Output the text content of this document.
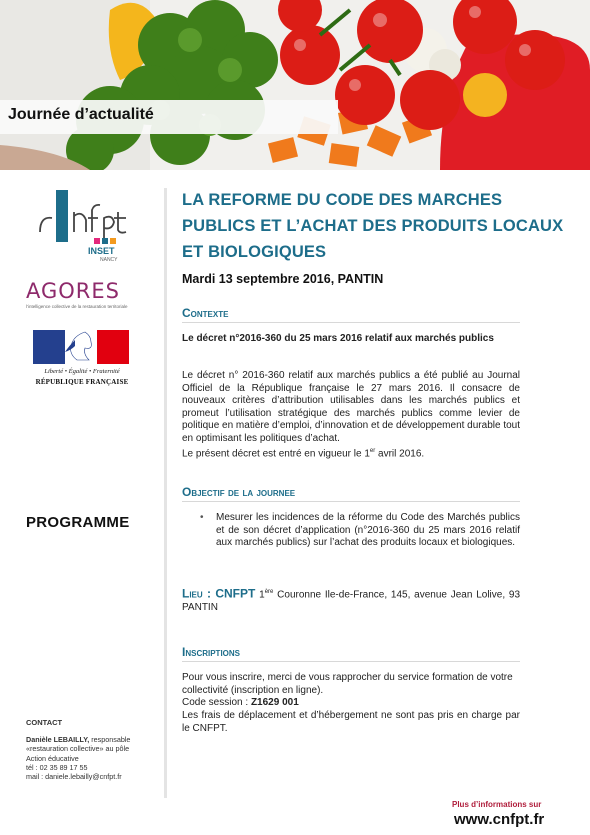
Journée d’actualité
le
INSET
NANCY
AGORES
l’intelligence collective de la restauration territoriale
Liberté • Égalité • Fraternité
RÉPUBLIQUE FRANÇAISE
PROGRAMME
CONTACT
Danièle LEBAILLY, responsable
«restauration collective» au pôle
Action éducative
tél : 02 35 89 17 55
mail : daniele.lebailly@cnfpt.fr
LA REFORME DU CODE DES MARCHES PUBLICS ET L’ACHAT DES PRODUITS LOCAUX ET BIOLOGIQUES
Mardi 13 septembre 2016, PANTIN
Contexte
Le décret n°2016-360 du 25 mars 2016 relatif aux marchés publics
Le décret n° 2016-360 relatif aux marchés publics a été publié au Journal Officiel de la République française le 27 mars 2016. Il consacre de nouveaux critères d’attribution utilisables dans les marchés publics et promeut l’utilisation stratégique des marchés publics comme levier de politique en matière d’emploi, d’innovation et de développement durable tout en optimisant les politiques d’achat.
Le présent décret est entré en vigueur le 1er avril 2016.
Objectif de la journee
• Mesurer les incidences de la réforme du Code des Marchés publics et de son décret d’application (n°2016-360 du 25 mars 2016 relatif aux marchés publics) sur l’achat des produits locaux et biologiques.
Lieu : CNFPT 1ère Couronne Ile-de-France, 145, avenue Jean Lolive, 93 PANTIN
Inscriptions
Pour vous inscrire, merci de vous rapprocher du service formation de votre collectivité (inscription en ligne).
Code session : Z1629 001
Les frais de déplacement et d’hébergement ne sont pas pris en charge par le CNFPT.
Plus d’informations sur
www.cnfpt.fr
